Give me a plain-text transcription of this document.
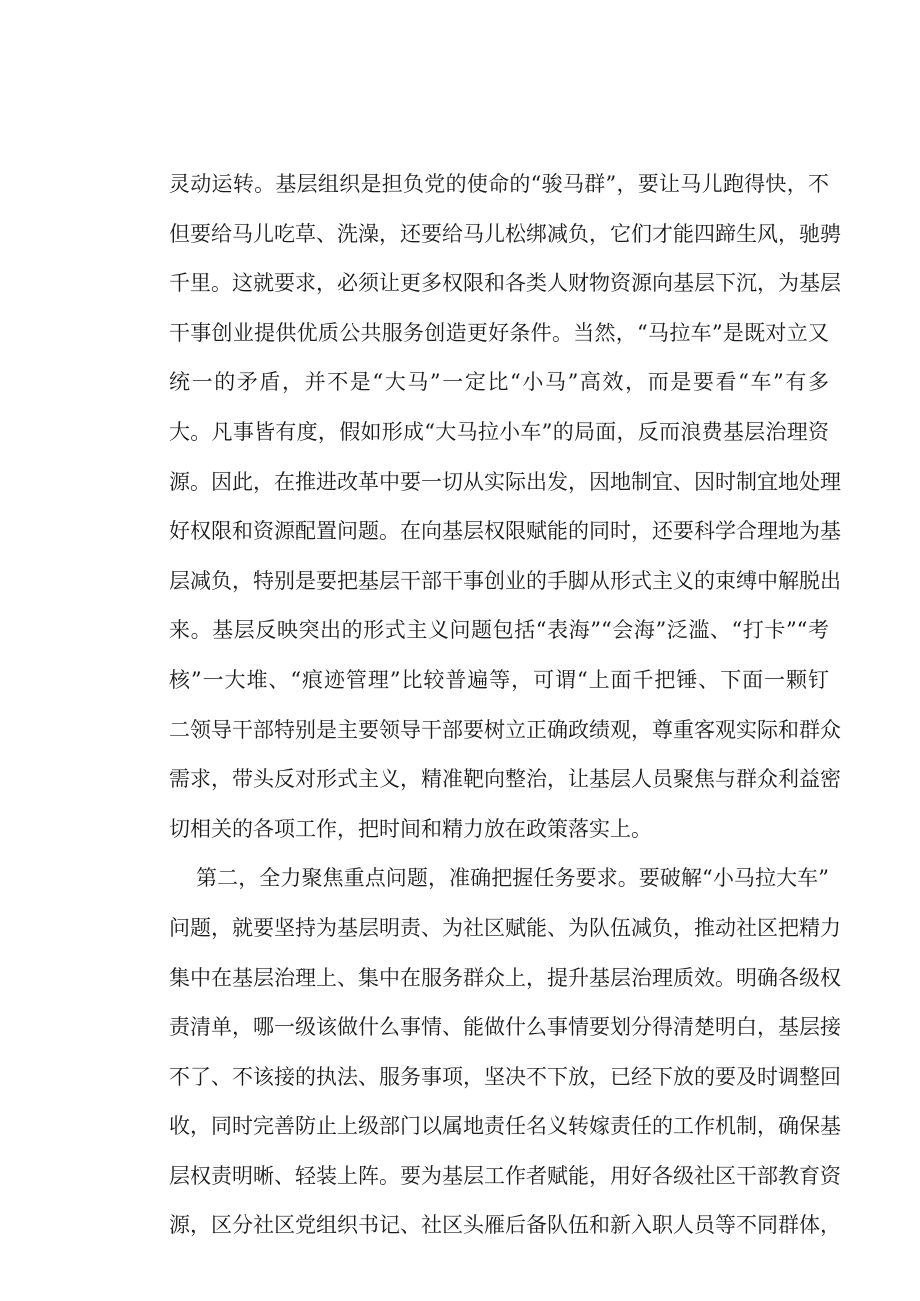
灵动运转。基层组织是担负党的使命的“骏马群”，要让马儿跑得快，不
但要给马儿吃草、洗澡，还要给马儿松绑减负，它们才能四蹄生风，驰骋
千里。这就要求，必须让更多权限和各类人财物资源向基层下沉，为基层
干事创业提供优质公共服务创造更好条件。当然，“马拉车”是既对立又
统一的矛盾，并不是“大马”一定比“小马”高效，而是要看“车”有多
大。凡事皆有度，假如形成“大马拉小车”的局面，反而浪费基层治理资
源。因此，在推进改革中要一切从实际出发，因地制宜、因时制宜地处理
好权限和资源配置问题。在向基层权限赋能的同时，还要科学合理地为基
层减负，特别是要把基层干部干事创业的手脚从形式主义的束缚中解脱出
来。基层反映突出的形式主义问题包括“表海”“会海”泛滥、“打卡”“考
核”一大堆、“痕迹管理”比较普遍等，可谓“上面千把锤、下面一颗钉
二领导干部特别是主要领导干部要树立正确政绩观，尊重客观实际和群众
需求，带头反对形式主义，精准靶向整治，让基层人员聚焦与群众利益密
切相关的各项工作，把时间和精力放在政策落实上。
第二，全力聚焦重点问题，准确把握任务要求。要破解“小马拉大车”
问题，就要坚持为基层明责、为社区赋能、为队伍减负，推动社区把精力
集中在基层治理上、集中在服务群众上，提升基层治理质效。明确各级权
责清单，哪一级该做什么事情、能做什么事情要划分得清楚明白，基层接
不了、不该接的执法、服务事项，坚决不下放，已经下放的要及时调整回
收，同时完善防止上级部门以属地责任名义转嫁责任的工作机制，确保基
层权责明晰、轻装上阵。要为基层工作者赋能，用好各级社区干部教育资
源，区分社区党组织书记、社区头雁后备队伍和新入职人员等不同群体，
